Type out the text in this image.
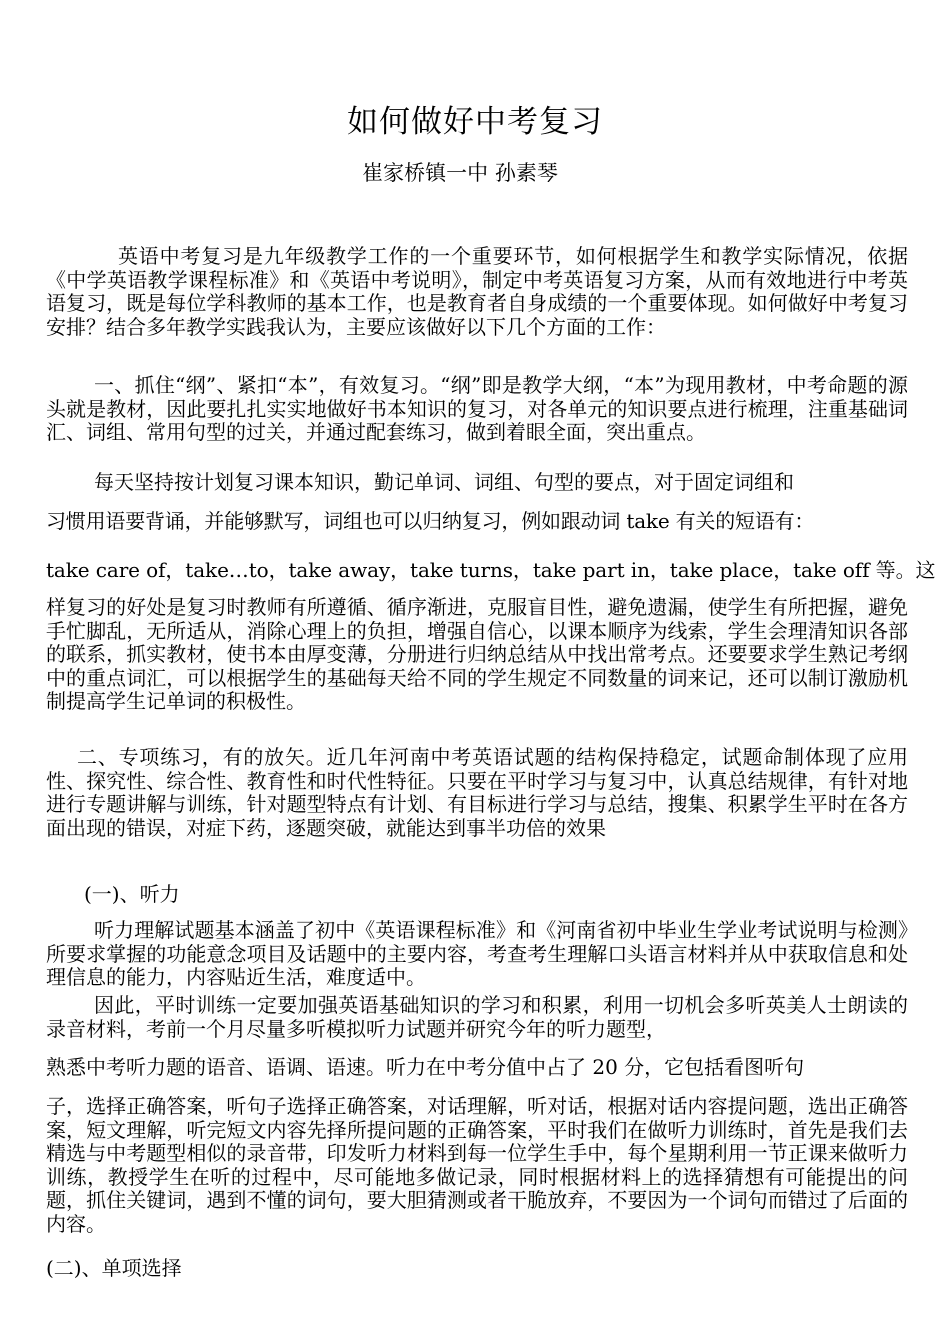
如何做好中考复习
崔家桥镇一中 孙素琴

英语中考复习是九年级教学工作的一个重要环节，如何根据学生和教学实际情况，依据《中学英语教学课程标准》和《英语中考说明》，制定中考英语复习方案，从而有效地进行中考英语复习，既是每位学科教师的基本工作，也是教育者自身成绩的一个重要体现。如何做好中考复习安排？结合多年教学实践我认为，主要应该做好以下几个方面的工作：

一、抓住“纲”、紧扣“本”，有效复习。“纲”即是教学大纲，“本”为现用教材，中考命题的源头就是教材，因此要扎扎实实地做好书本知识的复习，对各单元的知识要点进行梳理，注重基础词汇、词组、常用句型的过关，并通过配套练习，做到着眼全面，突出重点。

每天坚持按计划复习课本知识，勤记单词、词组、句型的要点，对于固定词组和

习惯用语要背诵，并能够默写，词组也可以归纳复习，例如跟动词 take 有关的短语有：

take care of，take…to，take away，take turns，take part in，take place，take off 等。这

样复习的好处是复习时教师有所遵循、循序渐进，克服盲目性，避免遗漏，使学生有所把握，避免手忙脚乱，无所适从，消除心理上的负担，增强自信心，以课本顺序为线索，学生会理清知识各部的联系，抓实教材，使书本由厚变薄，分册进行归纳总结从中找出常考点。还要要求学生熟记考纲中的重点词汇，可以根据学生的基础每天给不同的学生规定不同数量的词来记，还可以制订激励机制提高学生记单词的积极性。

二、专项练习，有的放矢。近几年河南中考英语试题的结构保持稳定，试题命制体现了应用性、探究性、综合性、教育性和时代性特征。只要在平时学习与复习中，认真总结规律，有针对地进行专题讲解与训练，针对题型特点有计划、有目标进行学习与总结，搜集、积累学生平时在各方面出现的错误，对症下药，逐题突破，就能达到事半功倍的效果

(一)、听力

听力理解试题基本涵盖了初中《英语课程标准》和《河南省初中毕业生学业考试说明与检测》所要求掌握的功能意念项目及话题中的主要内容，考查考生理解口头语言材料并从中获取信息和处理信息的能力，内容贴近生活，难度适中。

因此，平时训练一定要加强英语基础知识的学习和积累，利用一切机会多听英美人士朗读的录音材料，考前一个月尽量多听模拟听力试题并研究今年的听力题型，

熟悉中考听力题的语音、语调、语速。听力在中考分值中占了 20 分，它包括看图听句

子，选择正确答案，听句子选择正确答案，对话理解，听对话，根据对话内容提问题，选出正确答案，短文理解，听完短文内容先择所提问题的正确答案，平时我们在做听力训练时，首先是我们去精选与中考题型相似的录音带，印发听力材料到每一位学生手中，每个星期利用一节正课来做听力训练，教授学生在听的过程中，尽可能地多做记录，同时根据材料上的选择猜想有可能提出的问题，抓住关键词，遇到不懂的词句，要大胆猜测或者干脆放弃，不要因为一个词句而错过了后面的内容。

(二)、单项选择
